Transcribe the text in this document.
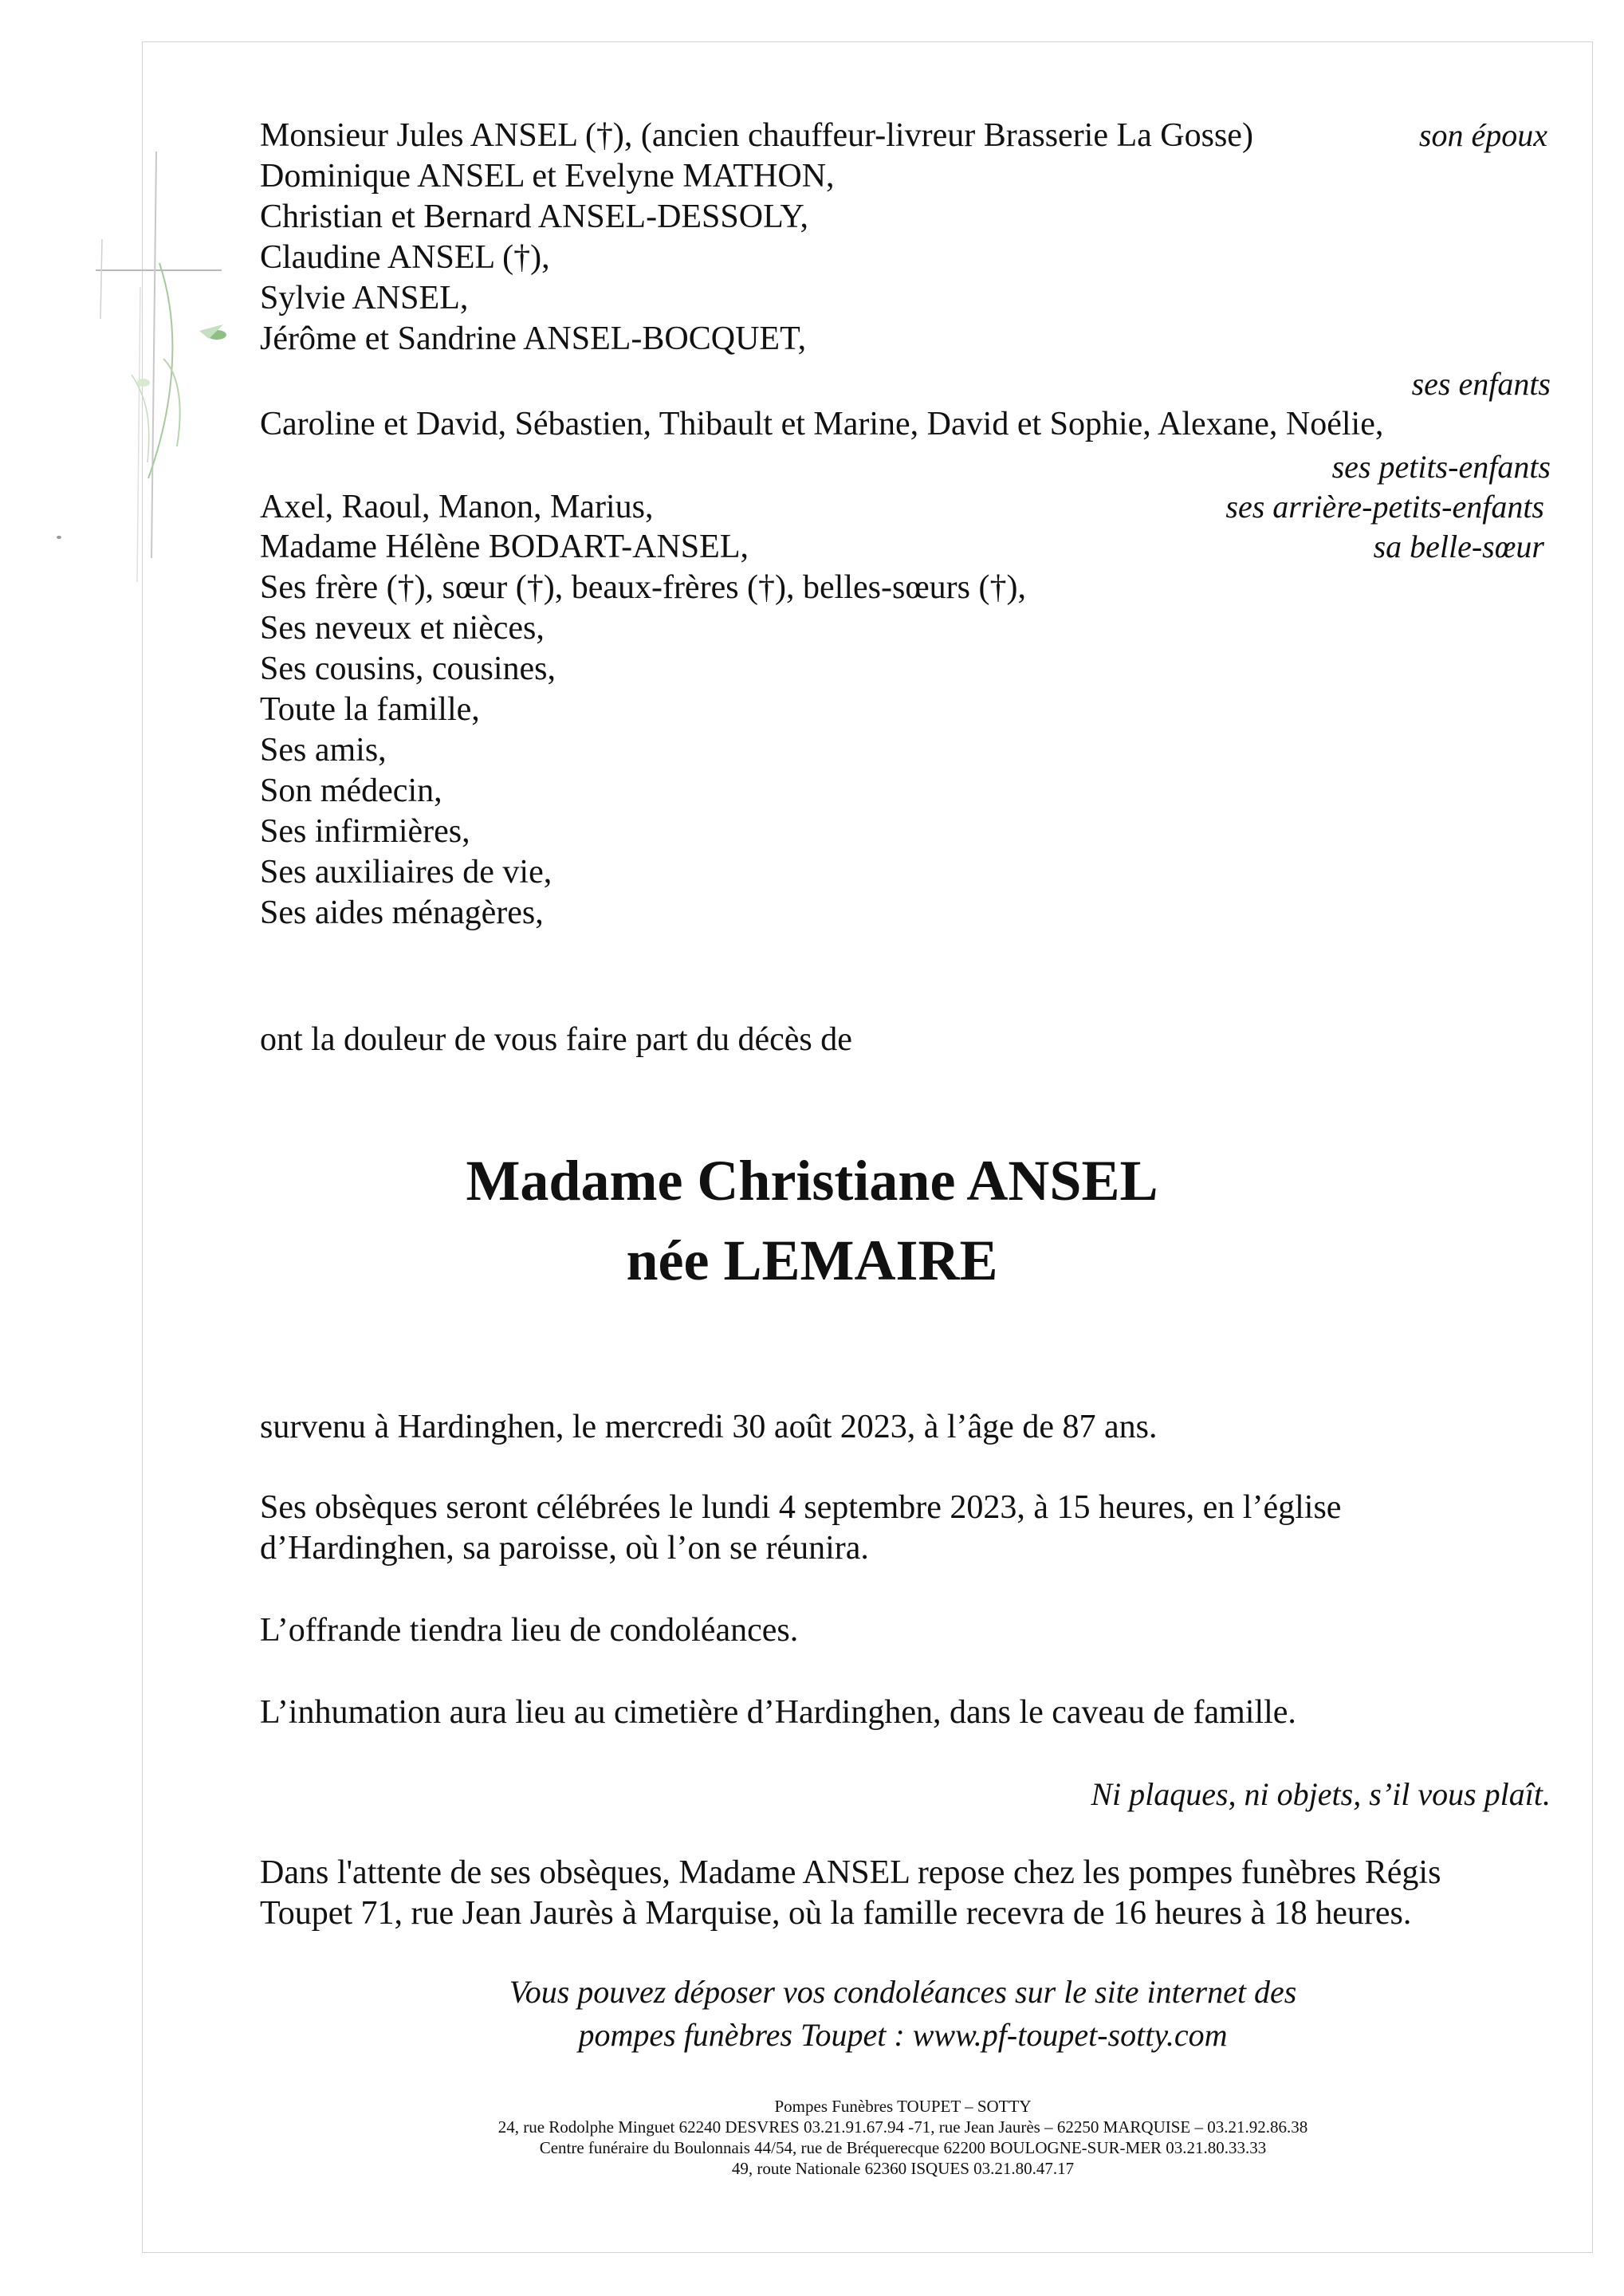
Monsieur Jules ANSEL (†), (ancien chauffeur-livreur Brasserie La Gosse)	son époux
Dominique ANSEL et Evelyne MATHON,
Christian et Bernard ANSEL-DESSOLY,
Claudine ANSEL (†),
Sylvie ANSEL,
Jérôme et Sandrine ANSEL-BOCQUET,
ses enfants
Caroline et David, Sébastien, Thibault et Marine, David et Sophie, Alexane, Noélie,
ses petits-enfants
Axel, Raoul, Manon, Marius,	ses arrière-petits-enfants
Madame Hélène BODART-ANSEL,	sa belle-sœur
Ses frère (†), sœur (†), beaux-frères (†), belles-sœurs (†),
Ses neveux et nièces,
Ses cousins, cousines,
Toute la famille,
Ses amis,
Son médecin,
Ses infirmières,
Ses auxiliaires de vie,
Ses aides ménagères,
ont la douleur de vous faire part du décès de
Madame Christiane ANSEL
née LEMAIRE
survenu à Hardinghen, le mercredi 30 août 2023, à l’âge de 87 ans.
Ses obsèques seront célébrées le lundi 4 septembre 2023, à 15 heures, en l’église
d’Hardinghen, sa paroisse, où l’on se réunira.
L’offrande tiendra lieu de condoléances.
L’inhumation aura lieu au cimetière d’Hardinghen, dans le caveau de famille.
Ni plaques, ni objets, s’il vous plaît.
Dans l'attente de ses obsèques, Madame ANSEL repose chez les pompes funèbres Régis
Toupet 71, rue Jean Jaurès à Marquise, où la famille recevra de 16 heures à 18 heures.
Vous pouvez déposer vos condoléances sur le site internet des
pompes funèbres Toupet : www.pf-toupet-sotty.com
Pompes Funèbres TOUPET – SOTTY
24, rue Rodolphe Minguet 62240 DESVRES 03.21.91.67.94 -71, rue Jean Jaurès – 62250 MARQUISE – 03.21.92.86.38
Centre funéraire du Boulonnais 44/54, rue de Bréquerecque 62200 BOULOGNE-SUR-MER 03.21.80.33.33
49, route Nationale 62360 ISQUES 03.21.80.47.17
